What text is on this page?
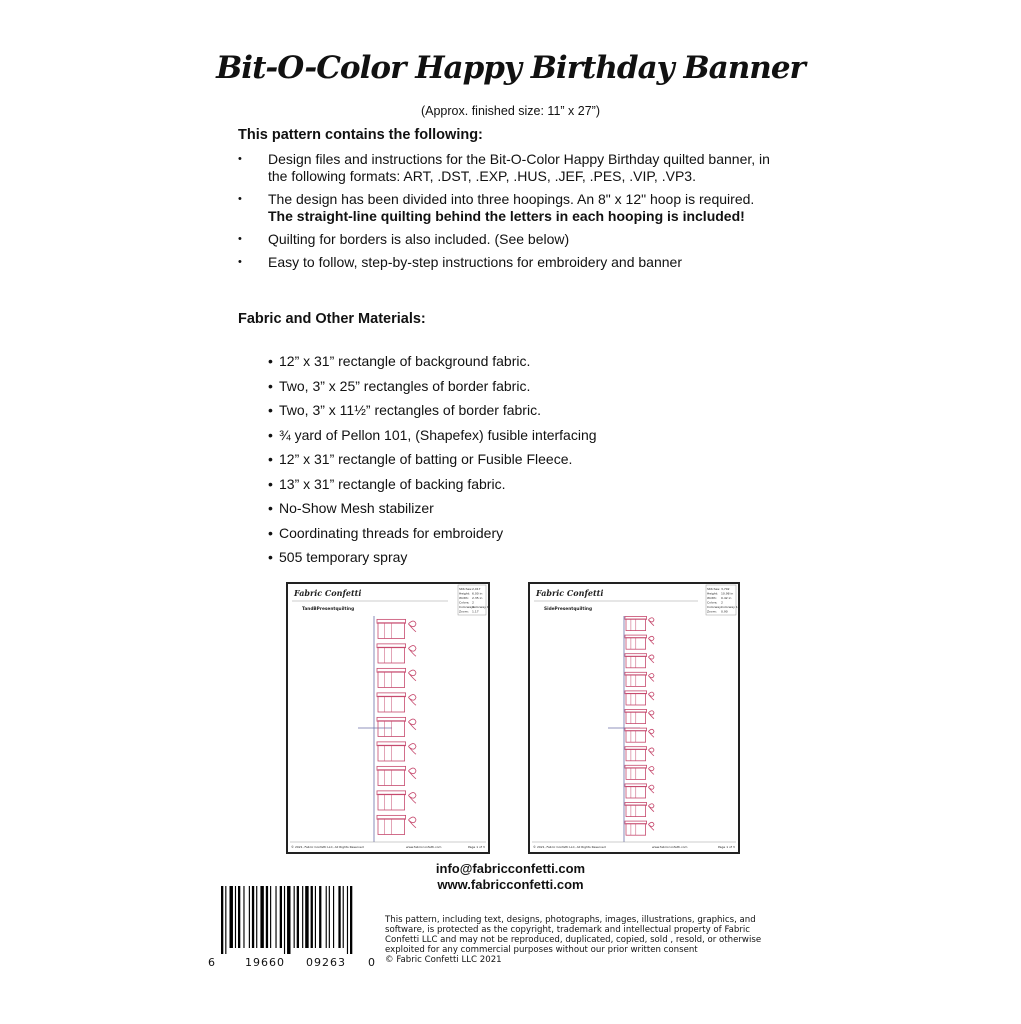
Bit-O-Color Happy Birthday Banner
(Approx. finished size: 11” x 27”)
This pattern contains the following:
• Design files and instructions for the Bit-O-Color Happy Birthday quilted banner, in
the following formats: ART, .DST, .EXP, .HUS, .JEF, .PES, .VIP, .VP3.
• The design has been divided into three hoopings. An 8" x 12" hoop is required.
The straight-line quilting behind the letters in each hooping is included!
• Quilting for borders is also included. (See below)
• Easy to follow, step-by-step instructions for embroidery and banner
Fabric and Other Materials:
• 12” x 31” rectangle of background fabric.
• Two, 3” x 25” rectangles of border fabric.
• Two, 3” x 11½” rectangles of border fabric.
• ¾ yard of Pellon 101, (Shapefex) fusible interfacing
• 12” x 31” rectangle of batting or Fusible Fleece.
• 13” x 31” rectangle of backing fabric.
• No-Show Mesh stabilizer
• Coordinating threads for embroidery
• 505 temporary spray
Fabric Confetti
TandBPresentquilting
Stitches: 2,017
Height: 6.00 in
Width: 2.35 in
Colors: 2
Colorways:
Colorway 1
Zoom: 1.17
© 2021, Fabric Confetti LLC, All Rights Reserved	www.fabricconfetti.com	Page 1 of 3
Fabric Confetti
SidePresentquilting
Stitches: 3,702
Height: 10.98 in
Width: 0.42 in
Colors: 2
Colorway: Colorway 1
Zoom: 0.90
© 2021, Fabric Confetti LLC, All Rights Reserved	www.fabricconfetti.com	Page 1 of 3
info@fabricconfetti.com
www.fabricconfetti.com
6	19660 09263 0
This pattern, including text, designs, photographs, images, illustrations, graphics, and
software, is protected as the copyright, trademark and intellectual property of Fabric
Confetti LLC and may not be reproduced, duplicated, copied, sold , resold, or otherwise
exploited for any commercial purposes without our prior written consent
© Fabric Confetti LLC 2021
